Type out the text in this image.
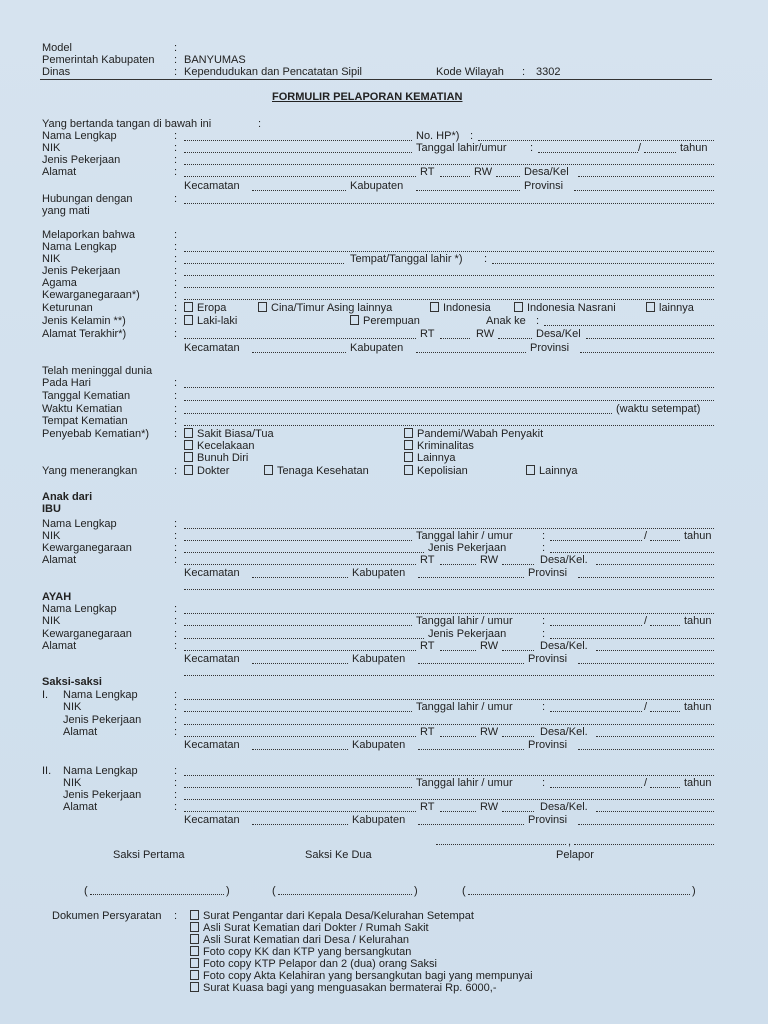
Model	:
Pemerintah Kabupaten : BANYUMAS
Dinas	: Kependudukan dan Pencatatan Sipil	Kode Wilayah : 3302
FORMULIR PELAPORAN KEMATIAN
Yang bertanda tangan di bawah ini	:
Nama Lengkap	:	No. HP*) :
NIK	:	Tanggal lahir/umur :	/	tahun
Jenis Pekerjaan	:
Alamat	:	RT	RW	Desa/Kel
Kecamatan	Kabupaten	Provinsi
Hubungan dengan	:
yang mati
Melaporkan bahwa	:
Nama Lengkap	:
NIK	:	Tempat/Tanggal lahir *) :
Jenis Pekerjaan	:
Agama	:
Kewarganegaraan*)	:
Keturunan	:	Eropa	Cina/Timur Asing lainnya	Indonesia	Indonesia Nasrani	lainnya
Jenis Kelamin **)	:	Laki-laki	Perempuan	Anak ke :
Alamat Terakhir*)	:	RT	RW	Desa/Kel
Kecamatan	Kabupaten	Provinsi
Telah meninggal dunia
Pada Hari	:
Tanggal Kematian	:
Waktu Kematian	:	(waktu setempat)
Tempat Kematian	:
Penyebab Kematian*) :	Sakit Biasa/Tua
Kecelakaan
Bunuh Diri
Pandemi/Wabah Penyakit
Kriminalitas
Lainnya
Yang menerangkan	:	Dokter	Tenaga Kesehatan	Kepolisian	Lainnya
Anak dari
IBU
Nama Lengkap	:
NIK	:	Tanggal lahir / umur	:	/	tahun
Kewarganegaraan	:	Jenis Pekerjaan	:
Alamat	:	RT	RW	Desa/Kel.
Kecamatan	Kabupaten	Provinsi
AYAH
Nama Lengkap	:
NIK	:	Tanggal lahir / umur	:	/	tahun
Kewarganegaraan	:	Jenis Pekerjaan	:
Alamat	:	RT	RW	Desa/Kel.
Kecamatan	Kabupaten	Provinsi
Saksi-saksi
I. Nama Lengkap	:
NIK	:	Tanggal lahir / umur	:	/	tahun
Jenis Pekerjaan	:
Alamat	:	RT	RW	Desa/Kel.
Kecamatan	Kabupaten	Provinsi
II. Nama Lengkap	:
NIK	:	Tanggal lahir / umur	:	/	tahun
Jenis Pekerjaan	:
Alamat	:	RT	RW	Desa/Kel.
Kecamatan	Kabupaten	Provinsi
,
Saksi Pertama	Saksi Ke Dua	Pelapor
(	)	(	)	(	)
Dokumen Persyaratan :	Surat Pengantar dari Kepala Desa/Kelurahan Setempat
Asli Surat Kematian dari Dokter / Rumah Sakit
Asli Surat Kematian dari Desa / Kelurahan
Foto copy KK dan KTP yang bersangkutan
Foto copy KTP Pelapor dan 2 (dua) orang Saksi
Foto copy Akta Kelahiran yang bersangkutan bagi yang mempunyai
Surat Kuasa bagi yang menguasakan bermaterai Rp. 6000,-
